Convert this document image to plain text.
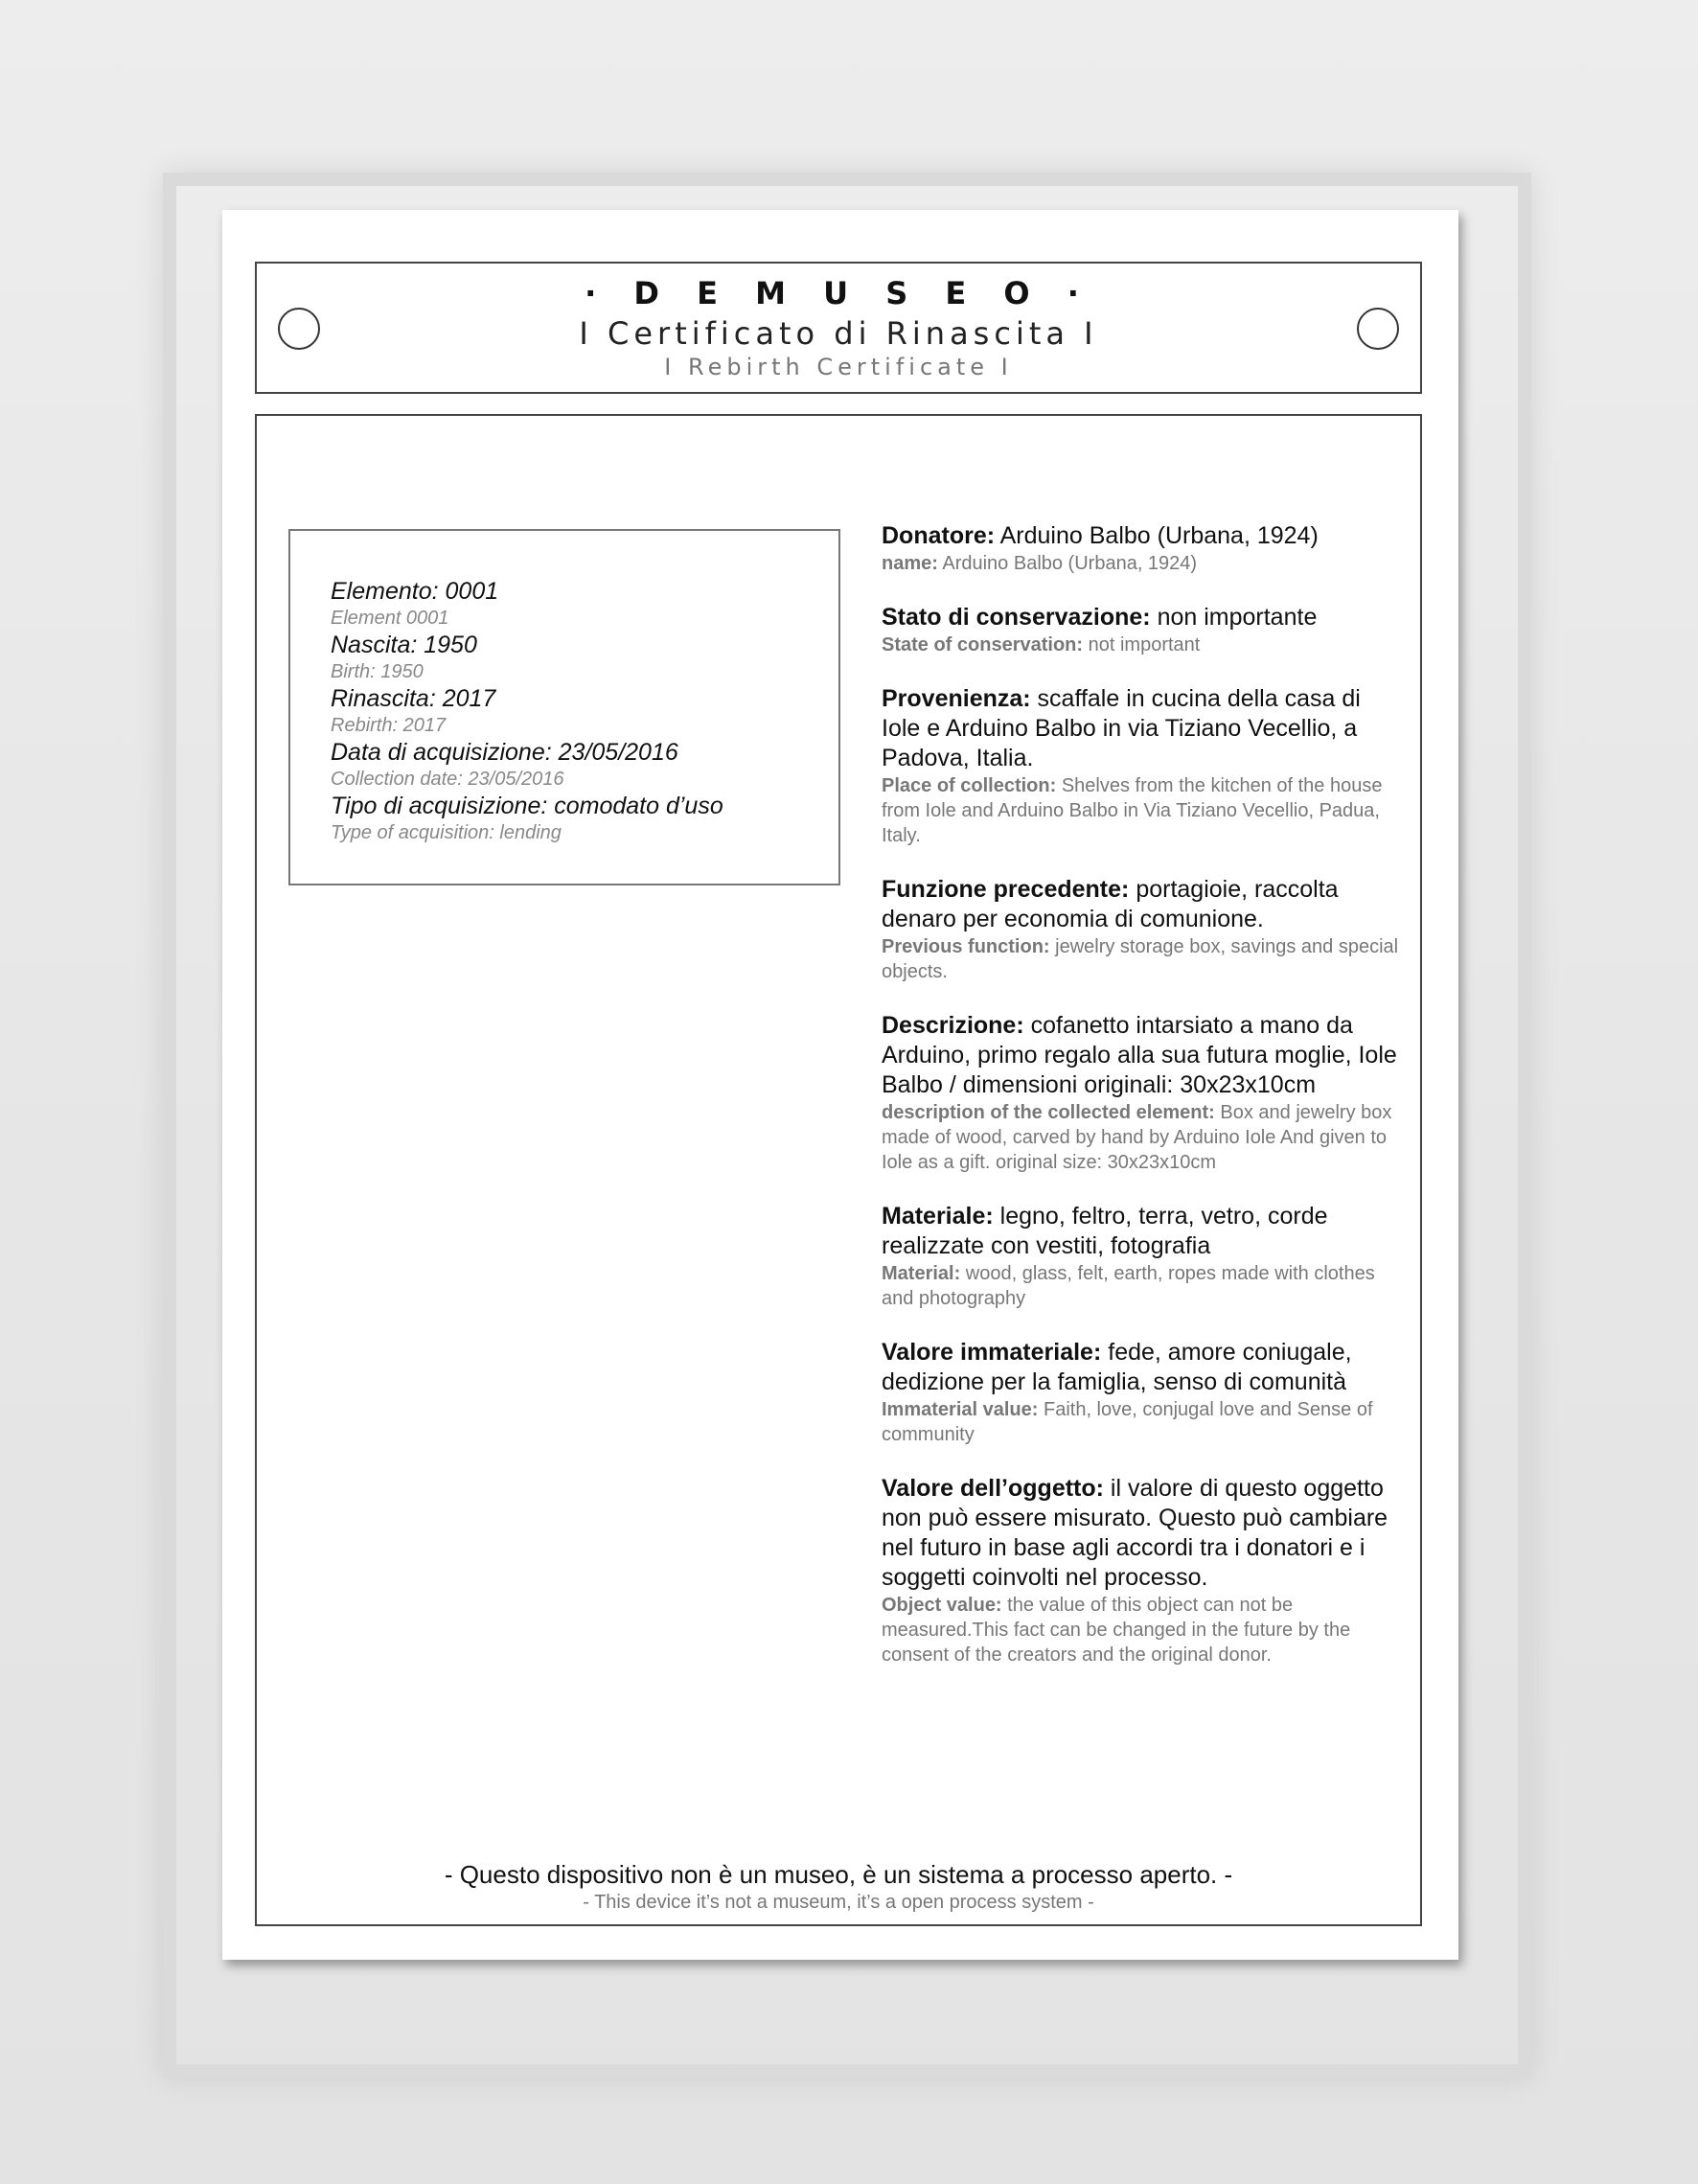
· D E M U S E O ·
I Certificato di Rinascita I
I Rebirth Certificate I
Elemento: 0001
Element 0001
Nascita: 1950
Birth: 1950
Rinascita: 2017
Rebirth: 2017
Data di acquisizione: 23/05/2016
Collection date: 23/05/2016
Tipo di acquisizione: comodato d’uso
Type of acquisition: lending
Donatore: Arduino Balbo (Urbana, 1924)
name: Arduino Balbo (Urbana, 1924)
Stato di conservazione: non importante
State of conservation: not important
Provenienza: scaffale in cucina della casa di Iole e Arduino Balbo in via Tiziano Vecellio, a Padova, Italia.
Place of collection: Shelves from the kitchen of the house from Iole and Arduino Balbo in Via Tiziano Vecellio, Padua, Italy.
Funzione precedente: portagioie, raccolta denaro per economia di comunione.
Previous function: jewelry storage box, savings and special objects.
Descrizione: cofanetto intarsiato a mano da Arduino, primo regalo alla sua futura moglie, Iole Balbo / dimensioni originali: 30x23x10cm
description of the collected element: Box and jewelry box made of wood, carved by hand by Arduino Iole And given to Iole as a gift. original size: 30x23x10cm
Materiale: legno, feltro, terra, vetro, corde realizzate con vestiti, fotografia
Material: wood, glass, felt, earth, ropes made with clothes and photography
Valore immateriale: fede, amore coniugale, dedizione per la famiglia, senso di comunità
Immaterial value: Faith, love, conjugal love and Sense of community
Valore dell’oggetto: il valore di questo oggetto non può essere misurato. Questo può cambiare nel futuro in base agli accordi tra i donatori e i soggetti coinvolti nel processo.
Object value: the value of this object can not be measured.This fact can be changed in the future by the consent of the creators and the original donor.
- Questo dispositivo non è un museo, è un sistema a processo aperto. -
- This device it’s not a museum, it’s a open process system -
